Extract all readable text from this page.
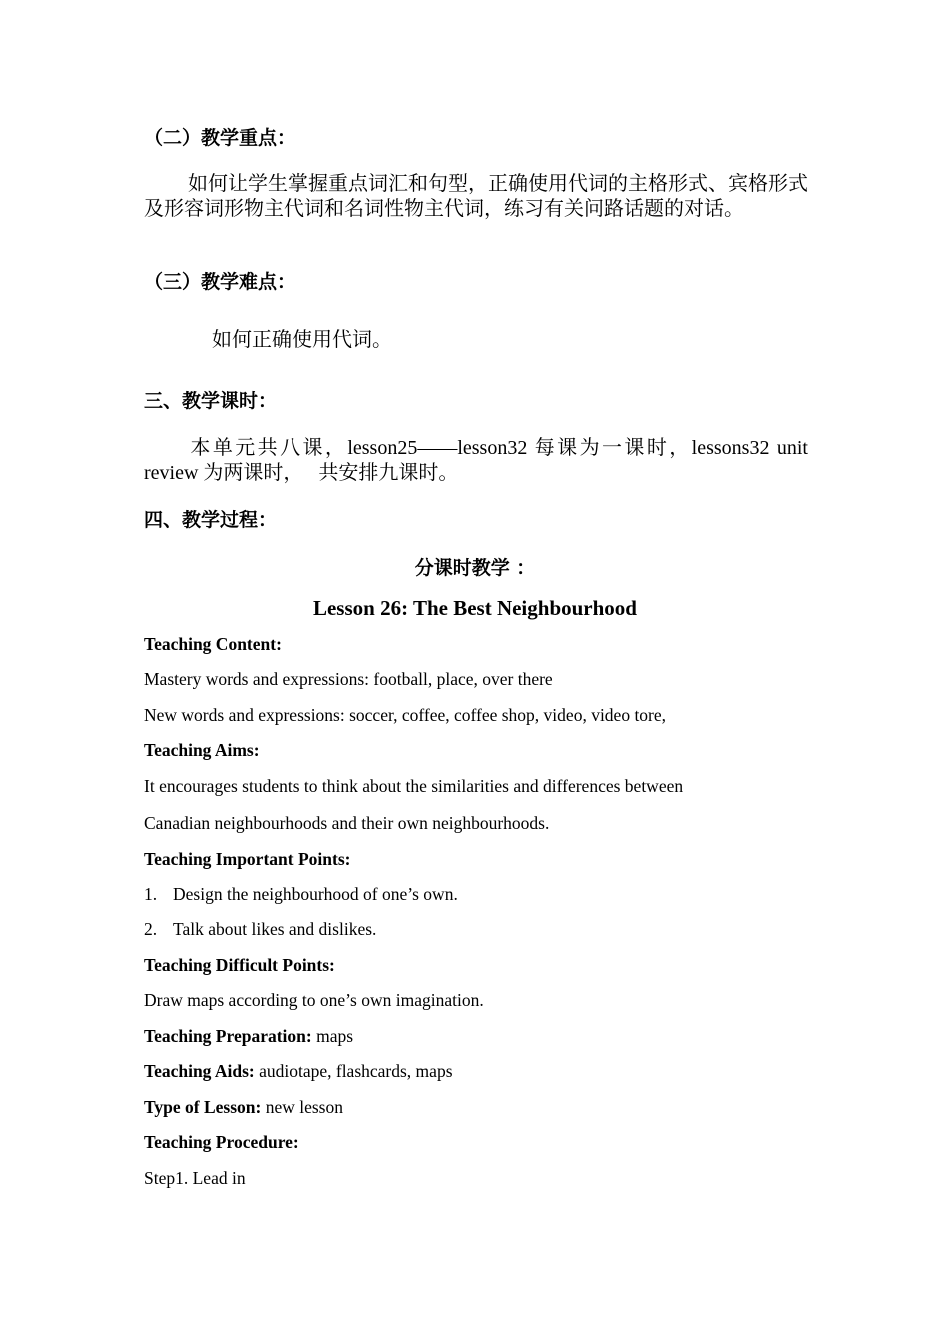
（二）教学重点：
如何让学生掌握重点词汇和句型，正确使用代词的主格形式、宾格形式及形容词形物主代词和名词性物主代词，练习有关问路话题的对话。
（三）教学难点：
如何正确使用代词。
三、教学课时：
本单元共八课，lesson25——lesson32 每课为一课时，lessons32 unit review 为两课时，　 共安排九课时。
四、教学过程：
分课时教学 ：
Lesson 26: The Best Neighbourhood
Teaching Content:
Mastery words and expressions: football, place, over there
New words and expressions: soccer, coffee, coffee shop, video, video tore,
Teaching Aims:
It encourages students to think about the similarities and differences between
Canadian neighbourhoods and their own neighbourhoods.
Teaching Important Points:
1. Design the neighbourhood of one’s own.
2. Talk about likes and dislikes.
Teaching Difficult Points:
Draw maps according to one’s own imagination.
Teaching Preparation: maps
Teaching Aids: audiotape, flashcards, maps
Type of Lesson: new lesson
Teaching Procedure:
Step1. Lead in
